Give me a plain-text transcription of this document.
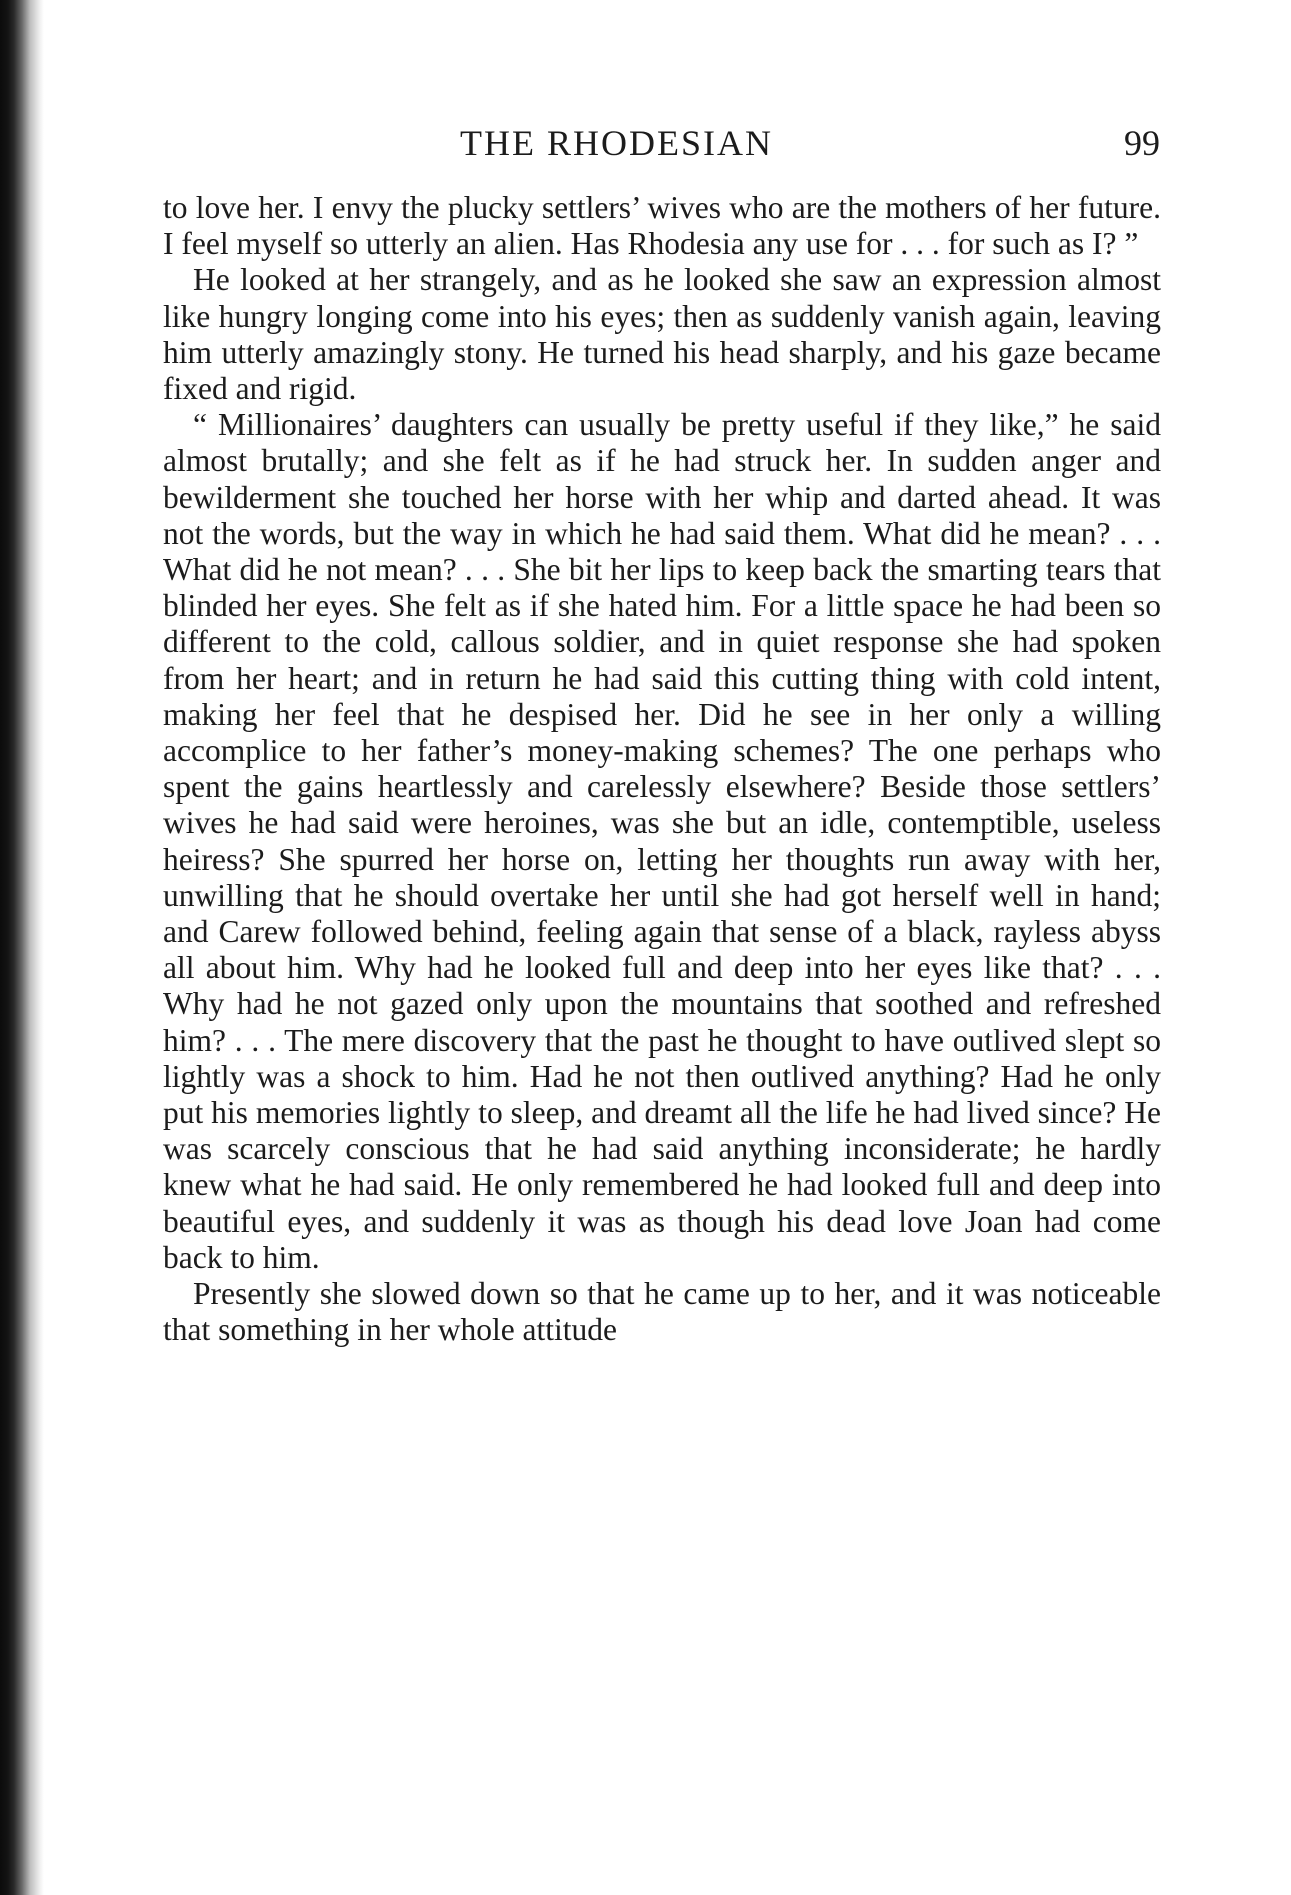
THE RHODESIAN	99

to love her. I envy the plucky settlers’ wives who are the mothers of her future. I feel myself so utterly an alien. Has Rhodesia any use for . . . for such as I? ”

He looked at her strangely, and as he looked she saw an expression almost like hungry longing come into his eyes; then as suddenly vanish again, leaving him utterly amazingly stony. He turned his head sharply, and his gaze became fixed and rigid.

“ Millionaires’ daughters can usually be pretty useful if they like,” he said almost brutally; and she felt as if he had struck her. In sudden anger and bewilderment she touched her horse with her whip and darted ahead. It was not the words, but the way in which he had said them. What did he mean? . . . What did he not mean? . . . She bit her lips to keep back the smarting tears that blinded her eyes. She felt as if she hated him. For a little space he had been so different to the cold, callous soldier, and in quiet response she had spoken from her heart; and in return he had said this cutting thing with cold intent, making her feel that he despised her. Did he see in her only a willing accomplice to her father’s money-making schemes? The one perhaps who spent the gains heartlessly and carelessly elsewhere? Beside those settlers’ wives he had said were heroines, was she but an idle, contemptible, useless heiress? She spurred her horse on, letting her thoughts run away with her, unwilling that he should overtake her until she had got herself well in hand; and Carew followed behind, feeling again that sense of a black, rayless abyss all about him. Why had he looked full and deep into her eyes like that? . . . Why had he not gazed only upon the mountains that soothed and refreshed him? . . . The mere discovery that the past he thought to have outlived slept so lightly was a shock to him. Had he not then outlived anything? Had he only put his memories lightly to sleep, and dreamt all the life he had lived since? He was scarcely conscious that he had said anything inconsiderate; he hardly knew what he had said. He only remembered he had looked full and deep into beautiful eyes, and suddenly it was as though his dead love Joan had come back to him.

Presently she slowed down so that he came up to her, and it was noticeable that something in her whole attitude
